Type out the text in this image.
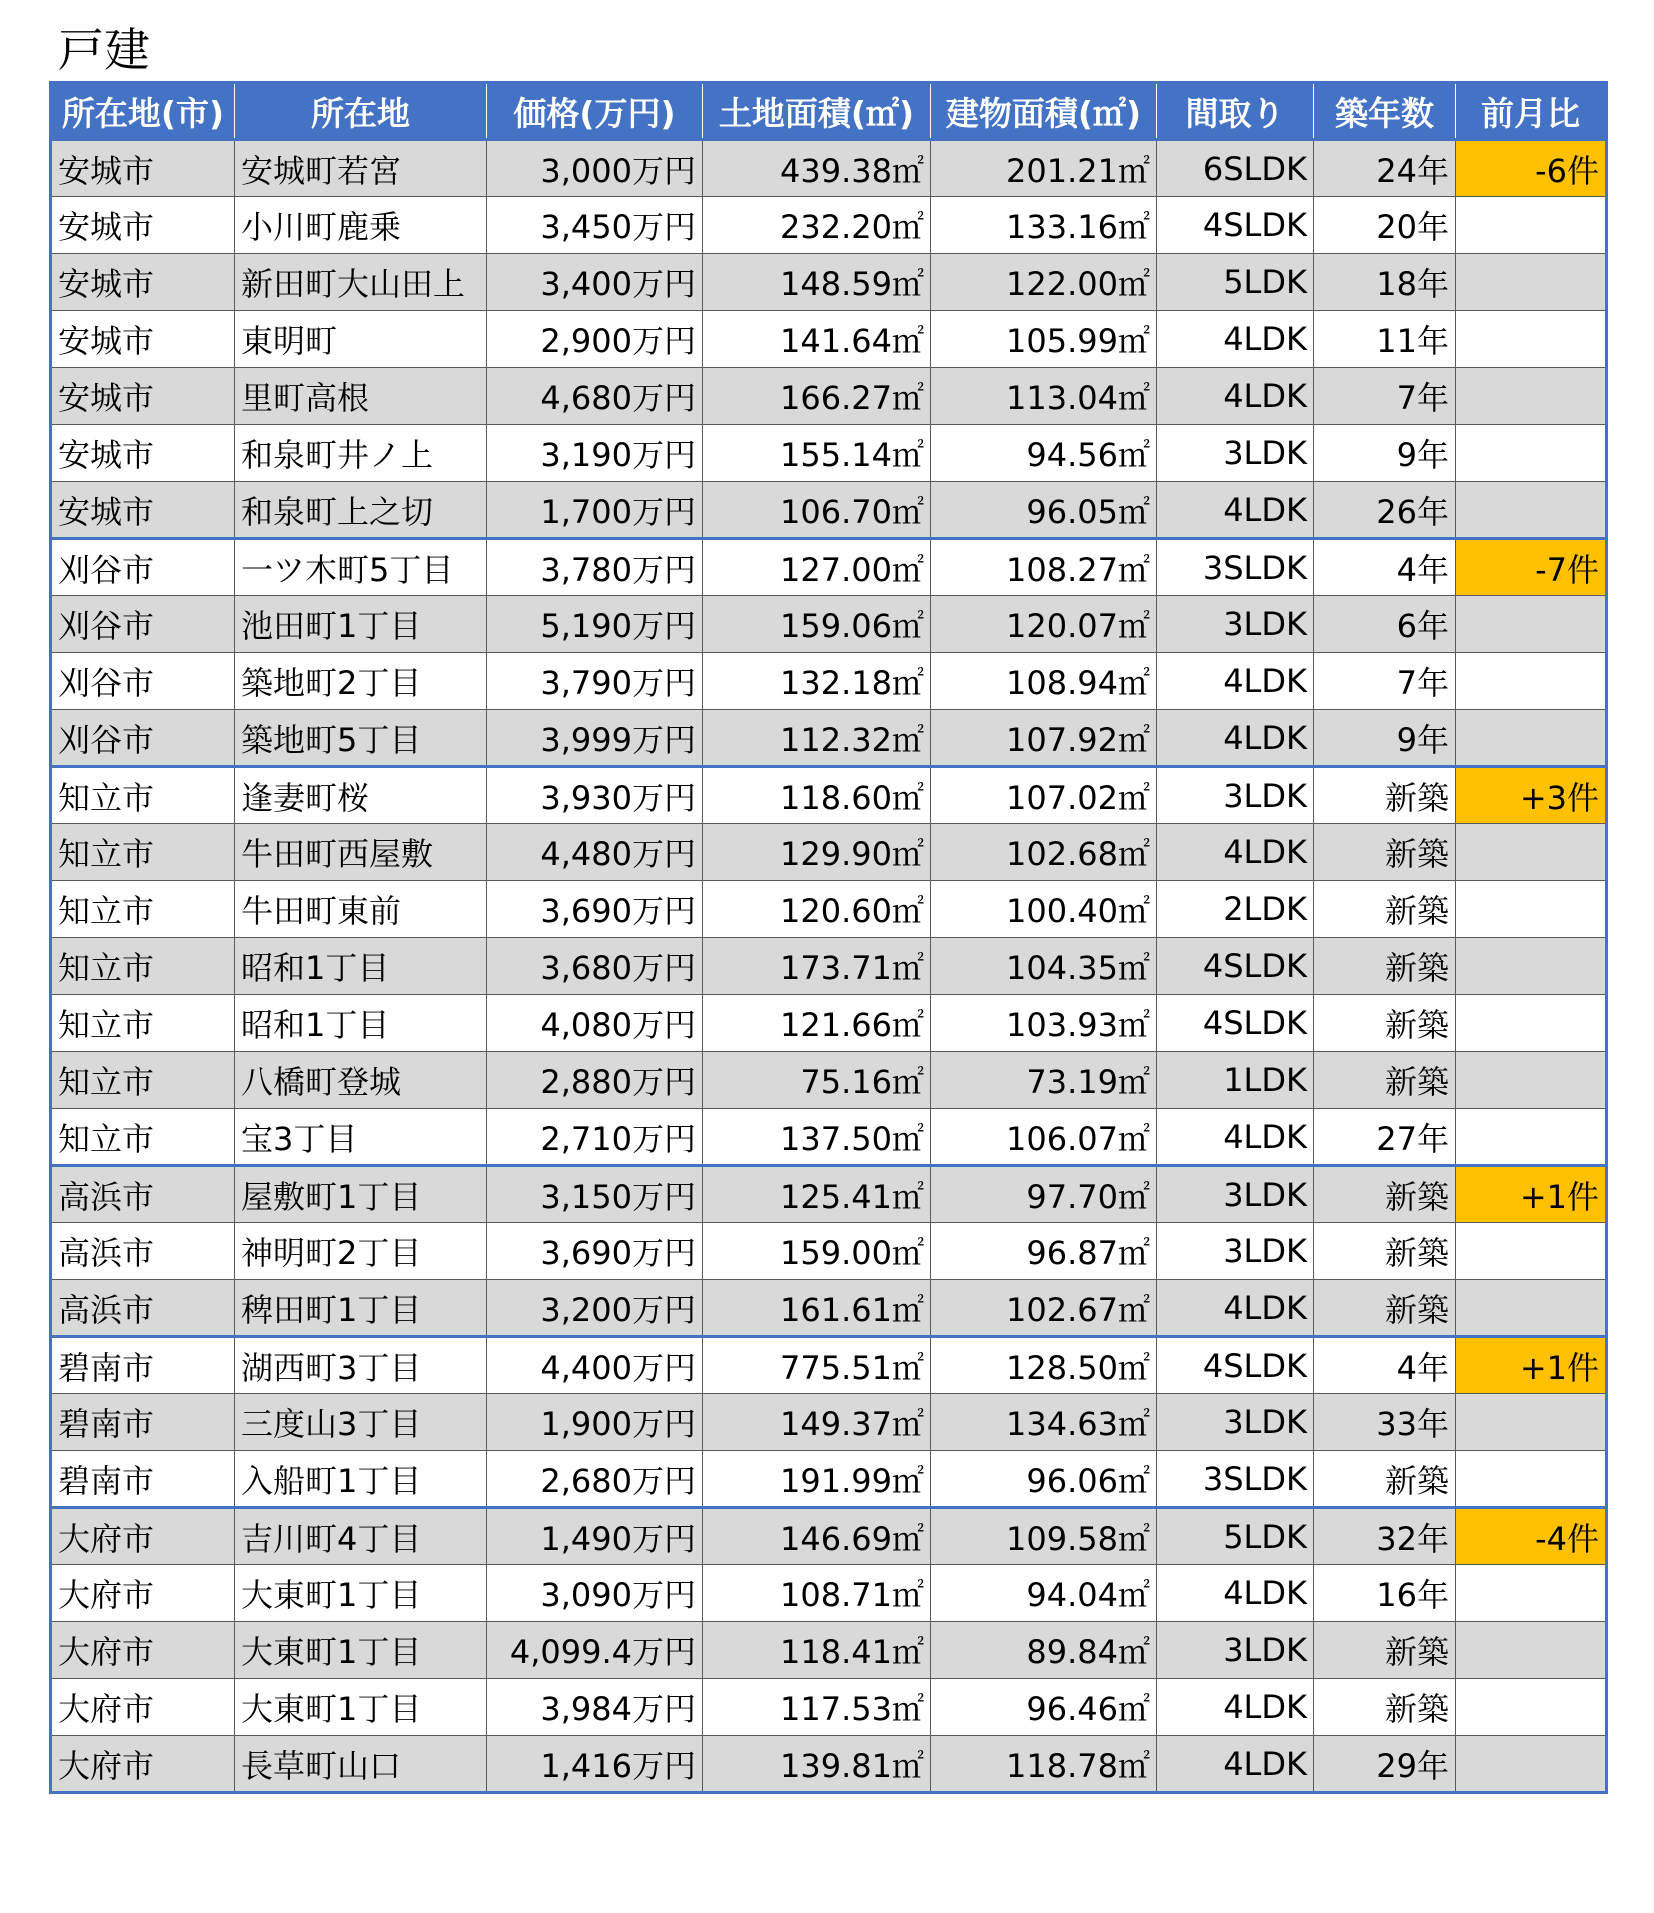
戸建
所在地(市)	所在地	価格(万円)	土地面積(㎡)	建物面積(㎡)	間取り	築年数	前月比
安城市	安城町若宮	3,000万円	439.38㎡	201.21㎡	6SLDK	24年	-6件
安城市	小川町鹿乗	3,450万円	232.20㎡	133.16㎡	4SLDK	20年	
安城市	新田町大山田上	3,400万円	148.59㎡	122.00㎡	5LDK	18年	
安城市	東明町	2,900万円	141.64㎡	105.99㎡	4LDK	11年	
安城市	里町高根	4,680万円	166.27㎡	113.04㎡	4LDK	7年	
安城市	和泉町井ノ上	3,190万円	155.14㎡	94.56㎡	3LDK	9年	
安城市	和泉町上之切	1,700万円	106.70㎡	96.05㎡	4LDK	26年	
刈谷市	一ツ木町5丁目	3,780万円	127.00㎡	108.27㎡	3SLDK	4年	-7件
刈谷市	池田町1丁目	5,190万円	159.06㎡	120.07㎡	3LDK	6年	
刈谷市	築地町2丁目	3,790万円	132.18㎡	108.94㎡	4LDK	7年	
刈谷市	築地町5丁目	3,999万円	112.32㎡	107.92㎡	4LDK	9年	
知立市	逢妻町桜	3,930万円	118.60㎡	107.02㎡	3LDK	新築	+3件
知立市	牛田町西屋敷	4,480万円	129.90㎡	102.68㎡	4LDK	新築	
知立市	牛田町東前	3,690万円	120.60㎡	100.40㎡	2LDK	新築	
知立市	昭和1丁目	3,680万円	173.71㎡	104.35㎡	4SLDK	新築	
知立市	昭和1丁目	4,080万円	121.66㎡	103.93㎡	4SLDK	新築	
知立市	八橋町登城	2,880万円	75.16㎡	73.19㎡	1LDK	新築	
知立市	宝3丁目	2,710万円	137.50㎡	106.07㎡	4LDK	27年	
高浜市	屋敷町1丁目	3,150万円	125.41㎡	97.70㎡	3LDK	新築	+1件
高浜市	神明町2丁目	3,690万円	159.00㎡	96.87㎡	3LDK	新築	
高浜市	稗田町1丁目	3,200万円	161.61㎡	102.67㎡	4LDK	新築	
碧南市	湖西町3丁目	4,400万円	775.51㎡	128.50㎡	4SLDK	4年	+1件
碧南市	三度山3丁目	1,900万円	149.37㎡	134.63㎡	3LDK	33年	
碧南市	入船町1丁目	2,680万円	191.99㎡	96.06㎡	3SLDK	新築	
大府市	吉川町4丁目	1,490万円	146.69㎡	109.58㎡	5LDK	32年	-4件
大府市	大東町1丁目	3,090万円	108.71㎡	94.04㎡	4LDK	16年	
大府市	大東町1丁目	4,099.4万円	118.41㎡	89.84㎡	3LDK	新築	
大府市	大東町1丁目	3,984万円	117.53㎡	96.46㎡	4LDK	新築	
大府市	長草町山口	1,416万円	139.81㎡	118.78㎡	4LDK	29年	
